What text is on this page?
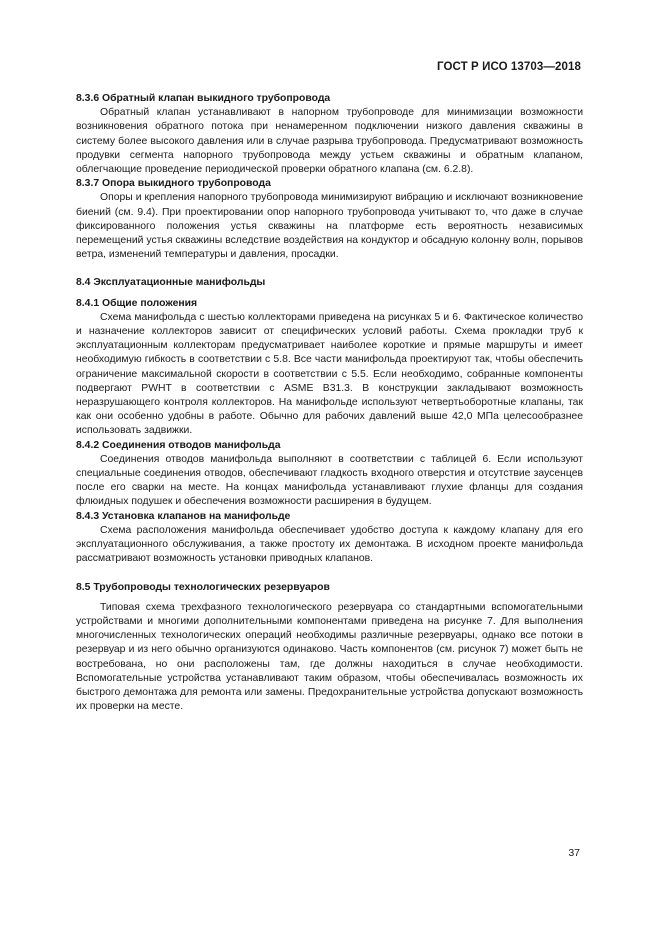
ГОСТ Р ИСО 13703—2018
8.3.6 Обратный клапан выкидного трубопровода

Обратный клапан устанавливают в напорном трубопроводе для минимизации возможности возникновения обратного потока при ненамеренном подключении низкого давления скважины в систему более высокого давления или в случае разрыва трубопровода. Предусматривают возможность продувки сегмента напорного трубопровода между устьем скважины и обратным клапаном, облегчающие проведение периодической проверки обратного клапана (см. 6.2.8).

8.3.7 Опора выкидного трубопровода

Опоры и крепления напорного трубопровода минимизируют вибрацию и исключают возникновение биений (см. 9.4). При проектировании опор напорного трубопровода учитывают то, что даже в случае фиксированного положения устья скважины на платформе есть вероятность независимых перемещений устья скважины вследствие воздействия на кондуктор и обсадную колонну волн, порывов ветра, изменений температуры и давления, просадки.

8.4 Эксплуатационные манифольды
8.4.1 Общие положения

Схема манифольда с шестью коллекторами приведена на рисунках 5 и 6. Фактическое количество и назначение коллекторов зависит от специфических условий работы. Схема прокладки труб к эксплуатационным коллекторам предусматривает наиболее короткие и прямые маршруты и имеет необходимую гибкость в соответствии с 5.8. Все части манифольда проектируют так, чтобы обеспечить ограничение максимальной скорости в соответствии с 5.5. Если необходимо, собранные компоненты подвергают PWHT в соответствии с ASME B31.3. В конструкции закладывают возможность неразрушающего контроля коллекторов. На манифольде используют четвертьоборотные клапаны, так как они особенно удобны в работе. Обычно для рабочих давлений выше 42,0 МПа целесообразнее использовать задвижки.

8.4.2 Соединения отводов манифольда

Соединения отводов манифольда выполняют в соответствии с таблицей 6. Если используют специальные соединения отводов, обеспечивают гладкость входного отверстия и отсутствие заусенцев после его сварки на месте. На концах манифольда устанавливают глухие фланцы для создания флюидных подушек и обеспечения возможности расширения в будущем.

8.4.3 Установка клапанов на манифольде

Схема расположения манифольда обеспечивает удобство доступа к каждому клапану для его эксплуатационного обслуживания, а также простоту их демонтажа. В исходном проекте манифольда рассматривают возможность установки приводных клапанов.

8.5 Трубопроводы технологических резервуаров

Типовая схема трехфазного технологического резервуара со стандартными вспомогательными устройствами и многими дополнительными компонентами приведена на рисунке 7. Для выполнения многочисленных технологических операций необходимы различные резервуары, однако все потоки в резервуар и из него обычно организуются одинаково. Часть компонентов (см. рисунок 7) может быть не востребована, но они расположены там, где должны находиться в случае необходимости. Вспомогательные устройства устанавливают таким образом, чтобы обеспечивалась возможность их быстрого демонтажа для ремонта или замены. Предохранительные устройства допускают возможность их проверки на месте.

37
